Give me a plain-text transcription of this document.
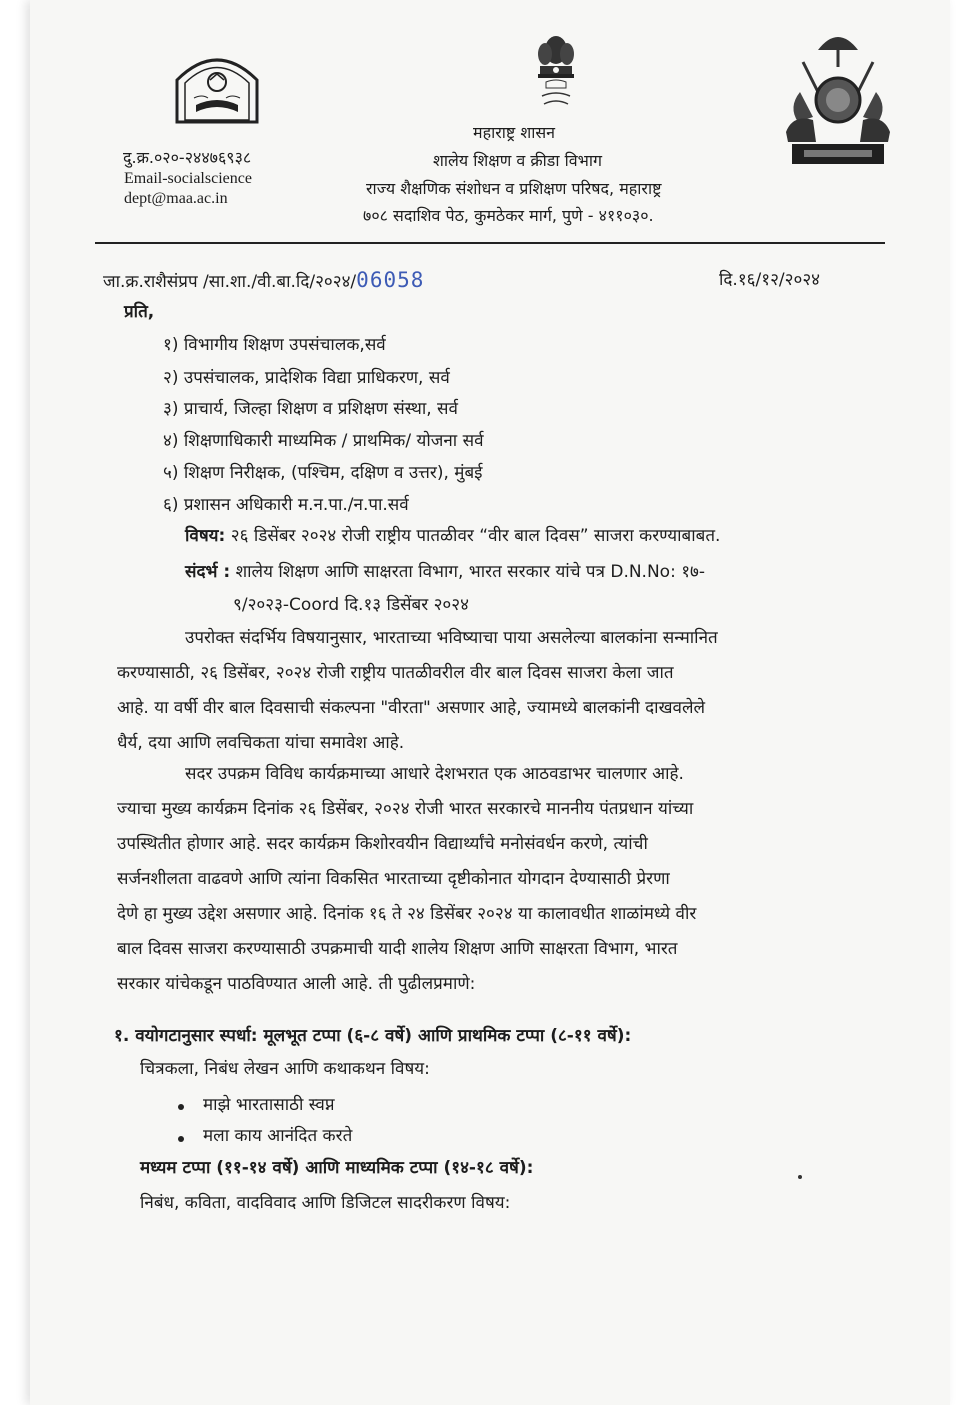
दु.क्र.०२०-२४४७६९३८
Email-socialscience
dept@maa.ac.in
महाराष्ट्र शासन
शालेय शिक्षण व क्रीडा विभाग
राज्य शैक्षणिक संशोधन व प्रशिक्षण परिषद, महाराष्ट्र
७०८ सदाशिव पेठ, कुमठेकर मार्ग, पुणे - ४११०३०.
जा.क्र.राशैसंप्रप /सा.शा./वी.बा.दि/२०२४/06058	दि.१६/१२/२०२४
प्रति,
१) विभागीय शिक्षण उपसंचालक,सर्व
२) उपसंचालक, प्रादेशिक विद्या प्राधिकरण, सर्व
३) प्राचार्य, जिल्हा शिक्षण व प्रशिक्षण संस्था, सर्व
४) शिक्षणाधिकारी माध्यमिक / प्राथमिक/ योजना सर्व
५) शिक्षण निरीक्षक, (पश्चिम, दक्षिण व उत्तर), मुंबई
६) प्रशासन अधिकारी म.न.पा./न.पा.सर्व
विषय: २६ डिसेंबर २०२४ रोजी राष्ट्रीय पातळीवर “वीर बाल दिवस” साजरा करण्याबाबत.
संदर्भ : शालेय शिक्षण आणि साक्षरता विभाग, भारत सरकार यांचे पत्र D.N.No: १७-
९/२०२३-Coord दि.१३ डिसेंबर २०२४
उपरोक्त संदर्भिय विषयानुसार, भारताच्या भविष्याचा पाया असलेल्या बालकांना सन्मानित
करण्यासाठी, २६ डिसेंबर, २०२४ रोजी राष्ट्रीय पातळीवरील वीर बाल दिवस साजरा केला जात
आहे. या वर्षी वीर बाल दिवसाची संकल्पना "वीरता" असणार आहे, ज्यामध्ये बालकांनी दाखवलेले
धैर्य, दया आणि लवचिकता यांचा समावेश आहे.
सदर उपक्रम विविध कार्यक्रमाच्या आधारे देशभरात एक आठवडाभर चालणार आहे.
ज्याचा मुख्य कार्यक्रम दिनांक २६ डिसेंबर, २०२४ रोजी भारत सरकारचे माननीय पंतप्रधान यांच्या
उपस्थितीत होणार आहे. सदर कार्यक्रम किशोरवयीन विद्यार्थ्यांचे मनोसंवर्धन करणे, त्यांची
सर्जनशीलता वाढवणे आणि त्यांना विकसित भारताच्या दृष्टीकोनात योगदान देण्यासाठी प्रेरणा
देणे हा मुख्य उद्देश असणार आहे. दिनांक १६ ते २४ डिसेंबर २०२४ या कालावधीत शाळांमध्ये वीर
बाल दिवस साजरा करण्यासाठी उपक्रमाची यादी शालेय शिक्षण आणि साक्षरता विभाग, भारत
सरकार यांचेकडून पाठविण्यात आली आहे. ती पुढीलप्रमाणे:
१. वयोगटानुसार स्पर्धा: मूलभूत टप्पा (६-८ वर्षे) आणि प्राथमिक टप्पा (८-११ वर्षे):
चित्रकला, निबंध लेखन आणि कथाकथन विषय:
माझे भारतासाठी स्वप्न
मला काय आनंदित करते
मध्यम टप्पा (११-१४ वर्षे) आणि माध्यमिक टप्पा (१४-१८ वर्षे):
निबंध, कविता, वादविवाद आणि डिजिटल सादरीकरण विषय:
